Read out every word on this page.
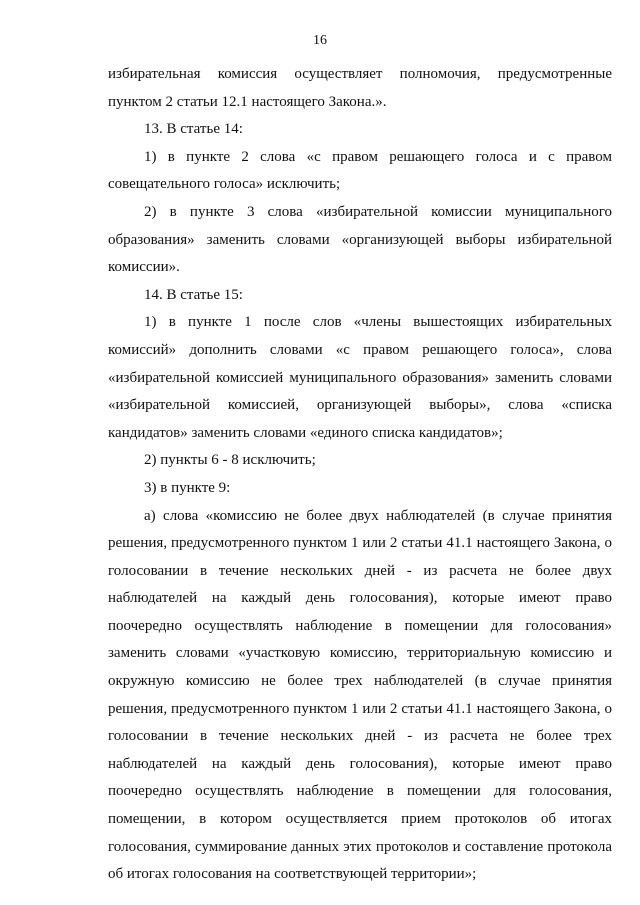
16

избирательная комиссия осуществляет полномочия, предусмотренные пунктом 2 статьи 12.1 настоящего Закона.».

13. В статье 14:

1) в пункте 2 слова «с правом решающего голоса и с правом совещательного голоса» исключить;

2) в пункте 3 слова «избирательной комиссии муниципального образования» заменить словами «организующей выборы избирательной комиссии».

14. В статье 15:

1) в пункте 1 после слов «члены вышестоящих избирательных комиссий» дополнить словами «с правом решающего голоса», слова «избирательной комиссией муниципального образования» заменить словами «избирательной комиссией, организующей выборы», слова «списка кандидатов» заменить словами «единого списка кандидатов»;

2) пункты 6 - 8 исключить;

3) в пункте 9:

а) слова «комиссию не более двух наблюдателей (в случае принятия решения, предусмотренного пунктом 1 или 2 статьи 41.1 настоящего Закона, о голосовании в течение нескольких дней - из расчета не более двух наблюдателей на каждый день голосования), которые имеют право поочередно осуществлять наблюдение в помещении для голосования» заменить словами «участковую комиссию, территориальную комиссию и окружную комиссию не более трех наблюдателей (в случае принятия решения, предусмотренного пунктом 1 или 2 статьи 41.1 настоящего Закона, о голосовании в течение нескольких дней - из расчета не более трех наблюдателей на каждый день голосования), которые имеют право поочередно осуществлять наблюдение в помещении для голосования, помещении, в котором осуществляется прием протоколов об итогах голосования, суммирование данных этих протоколов и составление протокола об итогах голосования на соответствующей территории»;
